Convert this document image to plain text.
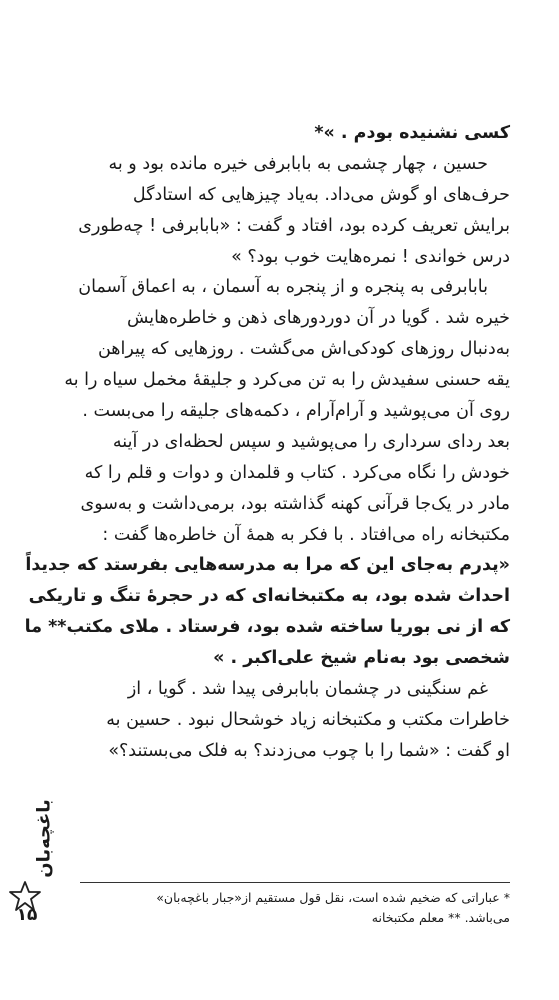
کسی نشنیده بودم . »*
حسین ، چهار چشمی به بابابرفی خیره مانده بود و به
حرف‌های او گوش می‌داد. به‌یاد چیزهایی که استادگل
برایش تعریف کرده بود، افتاد و گفت : «بابابرفی ! چه‌طوری
درس خواندی ! نمره‌هایت خوب بود؟ »
بابابرفی به پنجره و از پنجره به آسمان ، به اعماق آسمان
خیره شد . گویا در آن دوردورهای ذهن و خاطره‌هایش
به‌دنبال روزهای کودکی‌اش می‌گشت . روزهایی که پیراهن
یقه حسنی سفیدش را به تن می‌کرد و جلیقهٔ مخمل سیاه را به
روی آن می‌پوشید و آرام‌آرام ، دکمه‌های جلیقه را می‌بست .
بعد ردای سرداری را می‌پوشید و سپس لحظه‌ای در آینه
خودش را نگاه می‌کرد . کتاب و قلمدان و دوات و قلم را که
مادر در یک‌جا قرآنی کهنه گذاشته بود، برمی‌داشت و به‌سوی
مکتبخانه راه می‌افتاد . با فکر به همهٔ آن خاطره‌ها گفت :
«پدرم به‌جای این که مرا به مدرسه‌هایی بفرستد که جدیداً
احداث شده بود، به مکتبخانه‌ای که در حجرهٔ تنگ و تاریکی
که از نی بوریا ساخته شده بود، فرستاد . ملای مکتب** ما
شخصی بود به‌نام شیخ علی‌اکبر . »
غم سنگینی در چشمان بابابرفی پیدا شد . گویا ، از
خاطرات مکتب و مکتبخانه زیاد خوشحال نبود . حسین به
او گفت : «شما را با چوب می‌زدند؟ به فلک می‌بستند؟»
* عباراتی که ضخیم شده است، نقل قول مستقیم از«جبار باغچه‌بان»
می‌باشد. ** معلم مکتبخانه
باغچه‌بان
۱۵
